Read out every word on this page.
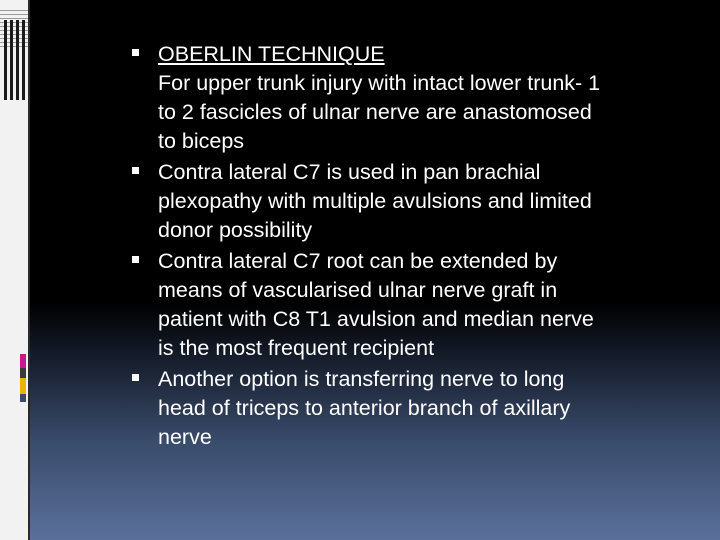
OBERLIN TECHNIQUE
For upper trunk injury with intact lower trunk- 1
to 2 fascicles of ulnar nerve are anastomosed
to biceps
Contra lateral C7 is used in pan brachial
plexopathy with multiple avulsions and limited
donor possibility
Contra lateral C7 root can be extended by
means of vascularised ulnar nerve graft in
patient with C8 T1 avulsion and median nerve
is the most frequent recipient
Another option is transferring nerve to long
head of triceps to anterior branch of axillary
nerve
